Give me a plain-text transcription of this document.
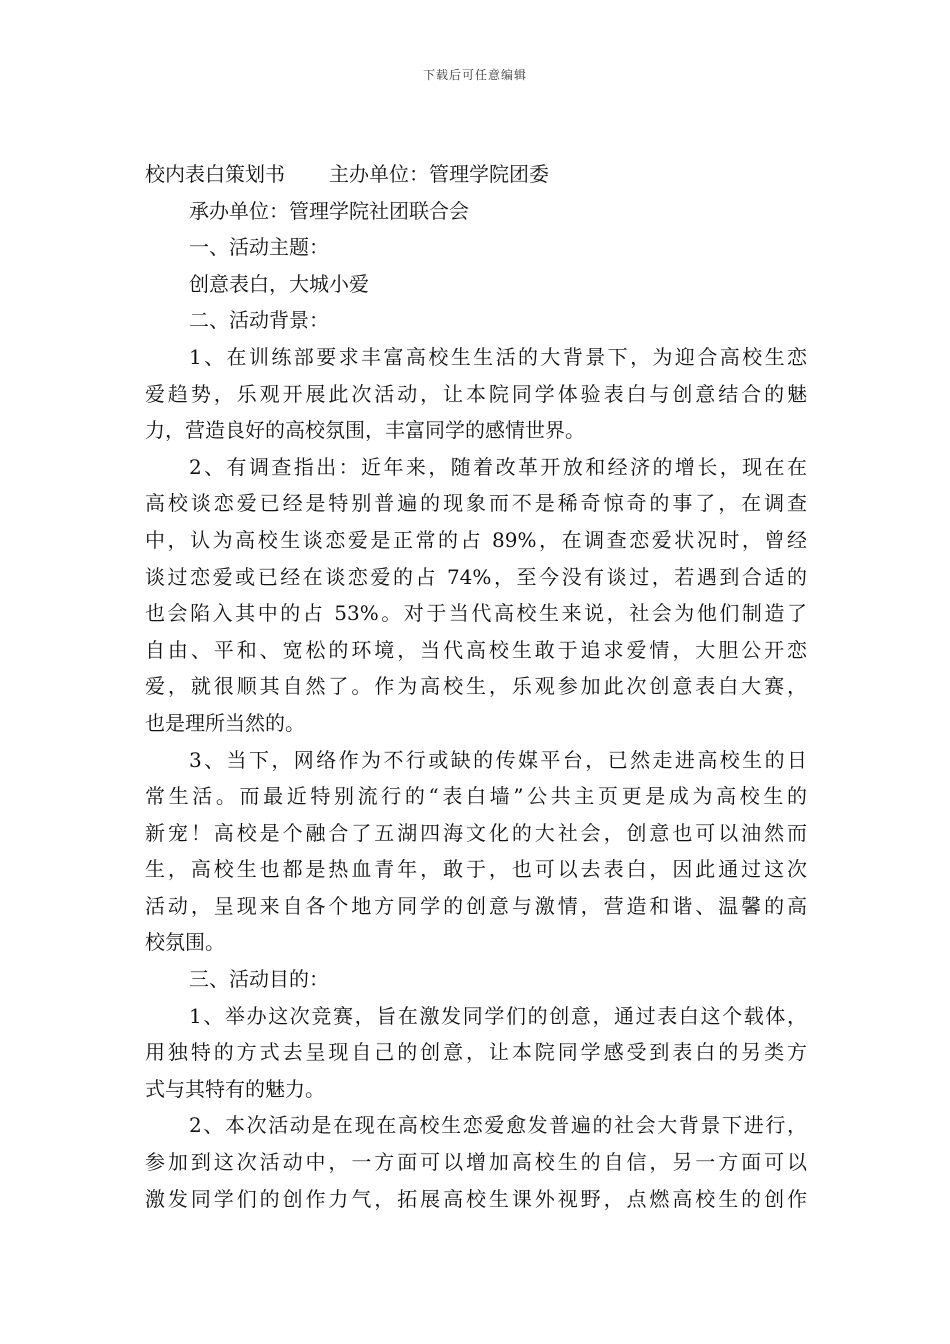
下载后可任意编辑
校内表白策划书 主办单位：管理学院团委
承办单位：管理学院社团联合会
一、活动主题：
创意表白，大城小爱
二、活动背景：
1、在训练部要求丰富高校生生活的大背景下，为迎合高校生恋
爱趋势，乐观开展此次活动，让本院同学体验表白与创意结合的魅
力，营造良好的高校氛围，丰富同学的感情世界。
2、有调查指出：近年来，随着改革开放和经济的增长，现在在
高校谈恋爱已经是特别普遍的现象而不是稀奇惊奇的事了，在调查
中，认为高校生谈恋爱是正常的占 89%，在调查恋爱状况时，曾经
谈过恋爱或已经在谈恋爱的占 74%，至今没有谈过，若遇到合适的
也会陷入其中的占 53%。对于当代高校生来说，社会为他们制造了
自由、平和、宽松的环境，当代高校生敢于追求爱情，大胆公开恋
爱，就很顺其自然了。作为高校生，乐观参加此次创意表白大赛，
也是理所当然的。
3、当下，网络作为不行或缺的传媒平台，已然走进高校生的日
常生活。而最近特别流行的“表白墙”公共主页更是成为高校生的
新宠！高校是个融合了五湖四海文化的大社会，创意也可以油然而
生，高校生也都是热血青年，敢于，也可以去表白，因此通过这次
活动，呈现来自各个地方同学的创意与激情，营造和谐、温馨的高
校氛围。
三、活动目的：
1、举办这次竞赛，旨在激发同学们的创意，通过表白这个载体，
用独特的方式去呈现自己的创意，让本院同学感受到表白的另类方
式与其特有的魅力。
2、本次活动是在现在高校生恋爱愈发普遍的社会大背景下进行，
参加到这次活动中，一方面可以增加高校生的自信，另一方面可以
激发同学们的创作力气，拓展高校生课外视野，点燃高校生的创作
